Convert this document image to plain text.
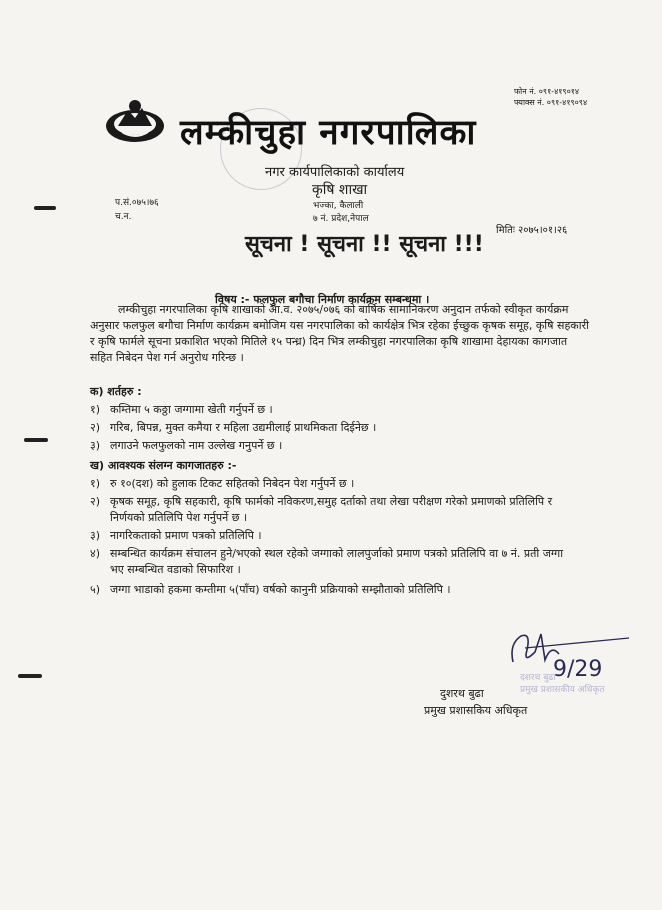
फोन नं. ०९१-४१९०१४
फ्याक्स नं. ०९१-४१९०९४
लम्कीचुहा नगरपालिका
नगर कार्यपालिकाको कार्यालय
कृषि शाखा
भज्का, कैलाली
७ नं. प्रदेश,नेपाल
प.सं.०७५।७६
च.न.
मितिः २०७५।०१।२६
सूचना ! सूचना !! सूचना !!!
विषय :- फलफुल बगौचा निर्माण कार्यक्रम सम्बन्धमा ।
लम्कीचुहा नगरपालिका कृषि शाखाको आ.व. २०७५/०७६ को बार्षिक सामानिकरण अनुदान तर्फको स्वीकृत कार्यक्रम अनुसार फलफुल बगौचा निर्माण कार्यक्रम बमोजिम यस नगरपालिका को कार्यक्षेत्र भित्र रहेका ईच्छुक कृषक समूह, कृषि सहकारी र कृषि फार्मले सूचना प्रकाशित भएको मितिले १५ पन्ध्र) दिन भित्र लम्कीचुहा नगरपालिका कृषि शाखामा देहायका कागजात सहित निबेदन पेश गर्न अनुरोध गरिन्छ ।
क) शर्तहरु :
१) कम्तिमा ५ कठ्ठा जग्गामा खेती गर्नुपर्ने छ ।
२) गरिब, बिपन्न, मुक्त कमैया र महिला उद्यमीलाई प्राथमिकता दिईनेछ ।
३) लगाउने फलफुलको नाम उल्लेख गनुपर्ने छ ।
ख) आवश्यक संलग्न कागजातहरु :-
१) रु १०(दश) को हुलाक टिकट सहितको निबेदन पेश गर्नुपर्ने छ ।
२) कृषक समूह, कृषि सहकारी, कृषि फार्मको नविकरण,समुह दर्ताको तथा लेखा परीक्षण गरेको प्रमाणको प्रतिलिपि र निर्णयको प्रतिलिपि पेश गर्नुपर्ने छ ।
३) नागरिकताको प्रमाण पत्रको प्रतिलिपि ।
४) सम्बन्धित कार्यक्रम संचालन हुने/भएको स्थल रहेको जग्गाको लालपुर्जाको प्रमाण पत्रको प्रतिलिपि वा ७ नं. प्रती जग्गा भए सम्बन्धित वडाको सिफारिश ।
५) जग्गा भाडाको हकमा कम्तीमा ५(पाँच) वर्षको कानुनी प्रक्रियाको सम्झौताको प्रतिलिपि ।
9/29
दशरथ बुढा
प्रमुख प्रशासकीय अधिकृत
दुशरथ बुढा
प्रमुख प्रशासकिय अधिकृत
